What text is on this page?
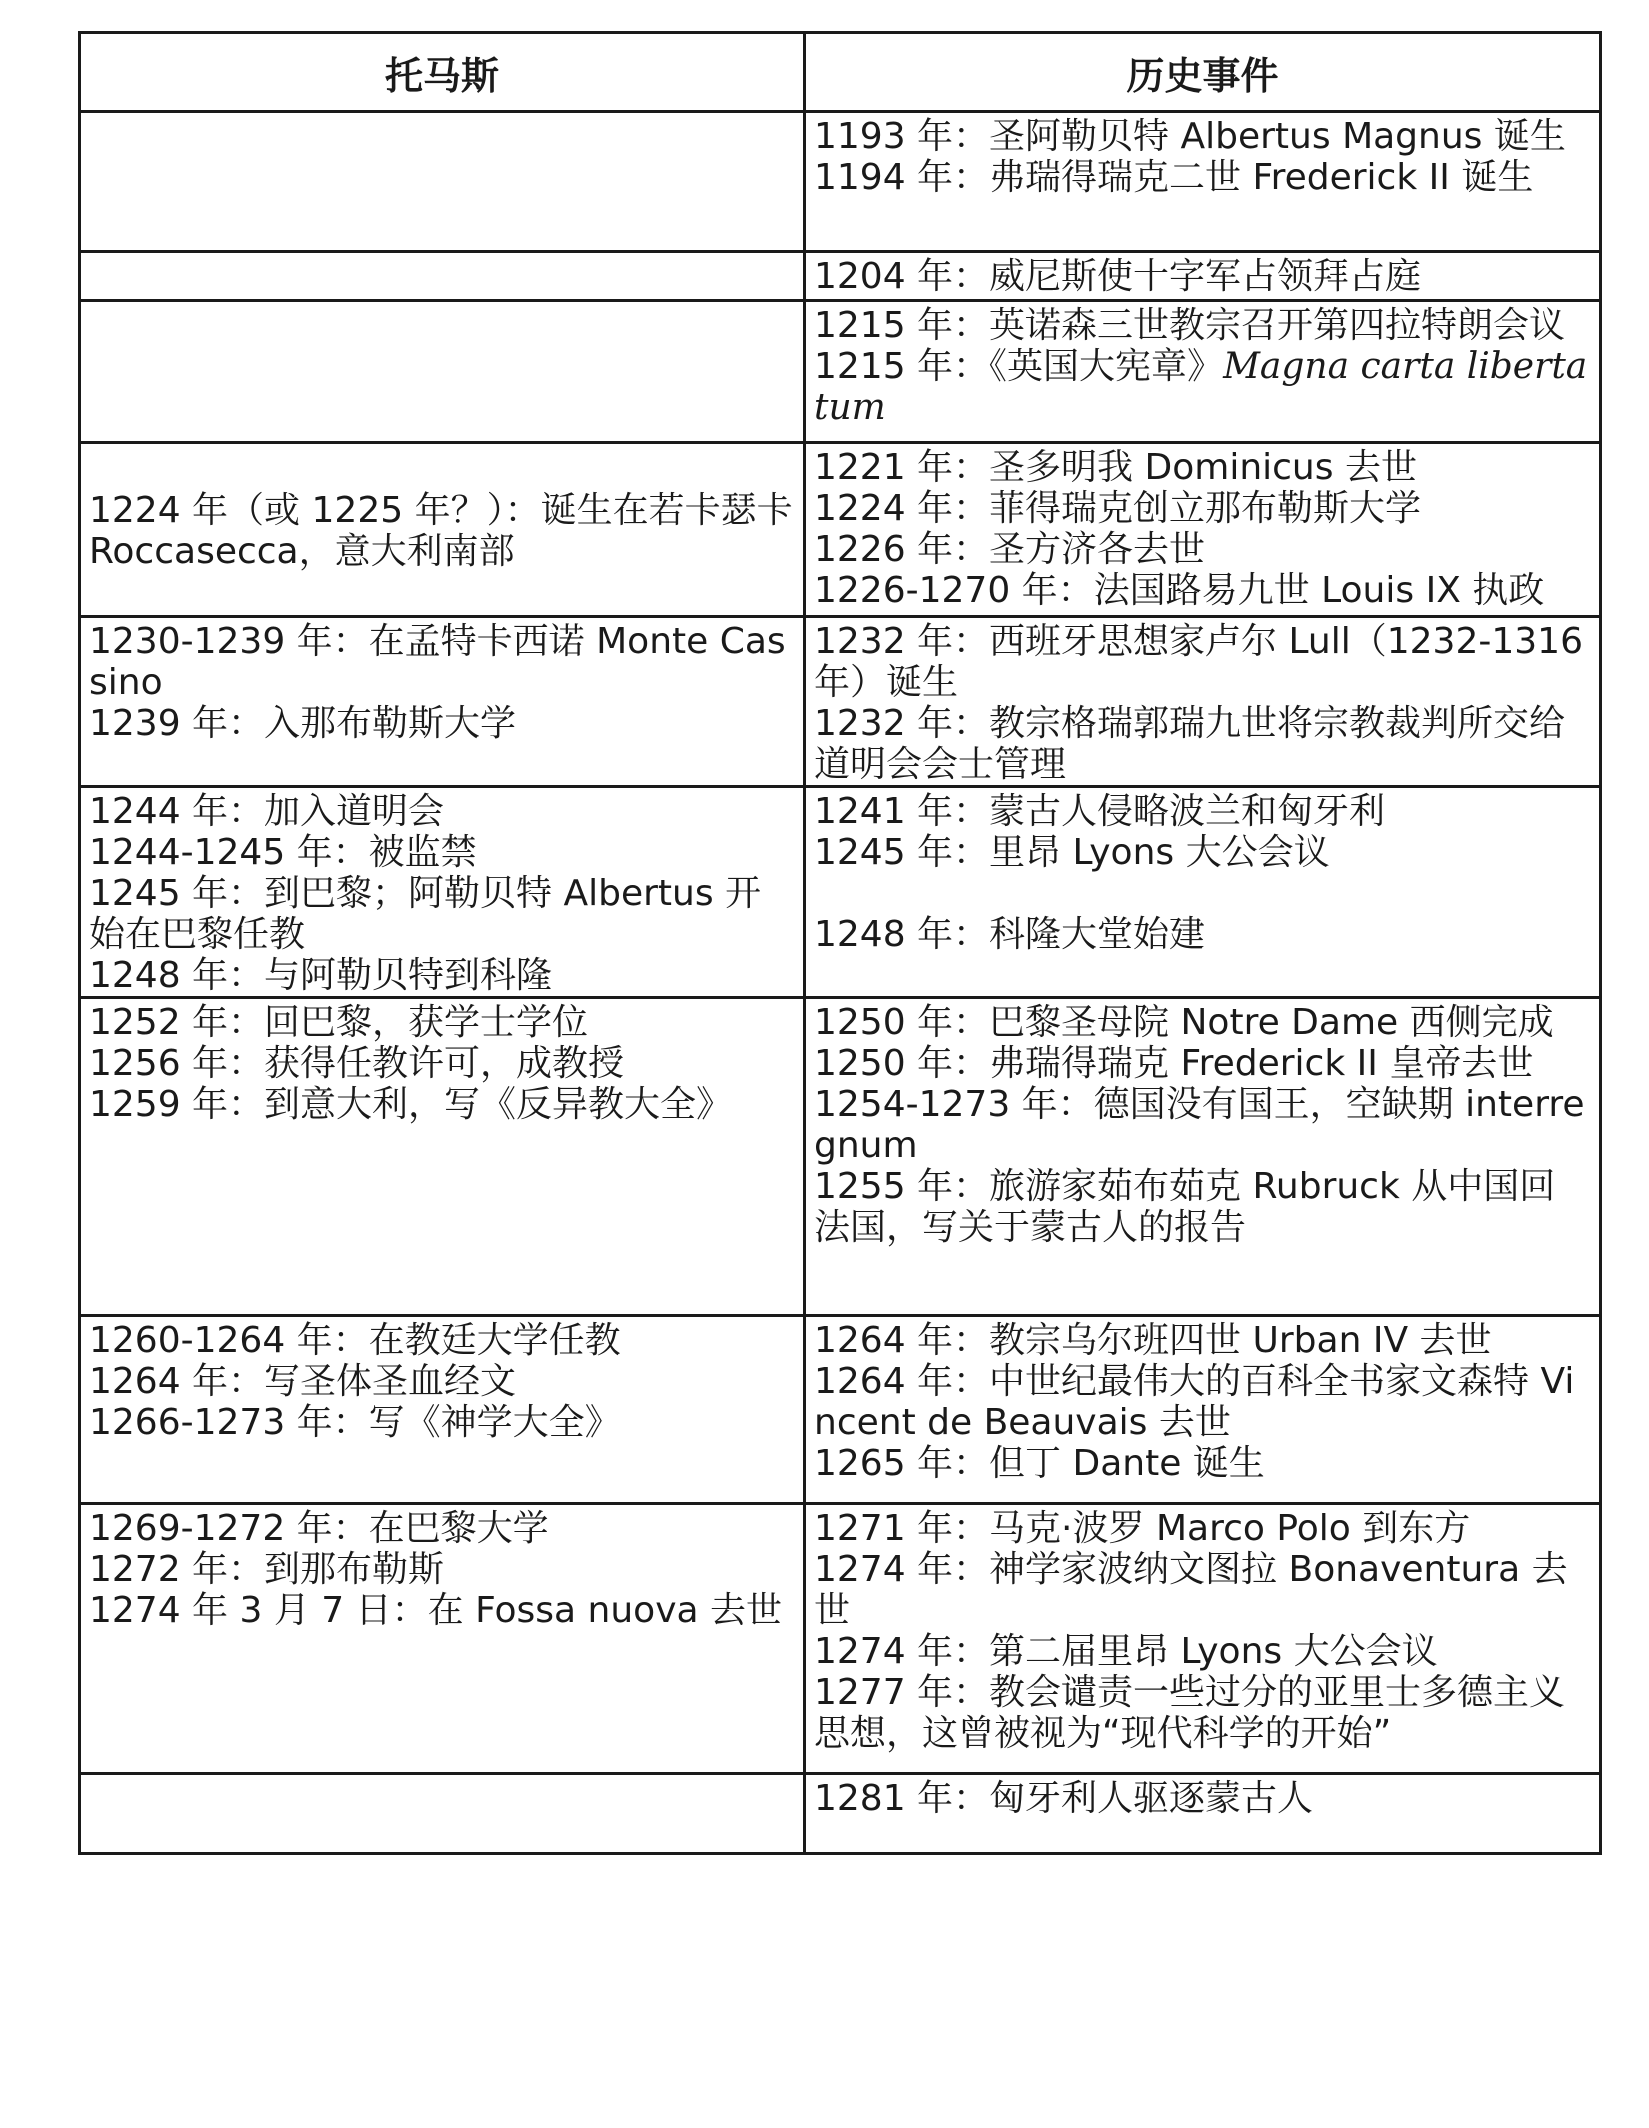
托马斯	历史事件

	1193 年：圣阿勒贝特 Albertus Magnus 诞生
1194 年：弗瑞得瑞克二世 Frederick II 诞生

	1204 年：威尼斯使十字军占领拜占庭

	1215 年：英诺森三世教宗召开第四拉特朗会议
1215 年：《英国大宪章》Magna carta libertatum

1224 年（或 1225 年？）：诞生在若卡瑟卡 Roccasecca，意大利南部	1221 年：圣多明我 Dominicus 去世
1224 年：菲得瑞克创立那布勒斯大学
1226 年：圣方济各去世
1226-1270 年：法国路易九世 Louis IX 执政

1230-1239 年：在孟特卡西诺 Monte Cassino
1239 年：入那布勒斯大学	1232 年：西班牙思想家卢尔 Lull（1232-1316 年）诞生
1232 年：教宗格瑞郭瑞九世将宗教裁判所交给道明会会士管理

1244 年：加入道明会
1244-1245 年：被监禁
1245 年：到巴黎；阿勒贝特 Albertus 开始在巴黎任教
1248 年：与阿勒贝特到科隆	1241 年：蒙古人侵略波兰和匈牙利
1245 年：里昂 Lyons 大公会议
1248 年：科隆大堂始建

1252 年：回巴黎，获学士学位
1256 年：获得任教许可，成教授
1259 年：到意大利，写《反异教大全》	1250 年：巴黎圣母院 Notre Dame 西侧完成
1250 年：弗瑞得瑞克 Frederick II 皇帝去世
1254-1273 年：德国没有国王，空缺期 interregnum
1255 年：旅游家茹布茹克 Rubruck 从中国回法国，写关于蒙古人的报告

1260-1264 年：在教廷大学任教
1264 年：写圣体圣血经文
1266-1273 年：写《神学大全》	1264 年：教宗乌尔班四世 Urban IV 去世
1264 年：中世纪最伟大的百科全书家文森特 Vincent de Beauvais 去世
1265 年：但丁 Dante 诞生

1269-1272 年：在巴黎大学
1272 年：到那布勒斯
1274 年 3 月 7 日：在 Fossa nuova 去世	1271 年：马克·波罗 Marco Polo 到东方
1274 年：神学家波纳文图拉 Bonaventura 去世
1274 年：第二届里昂 Lyons 大公会议
1277 年：教会谴责一些过分的亚里士多德主义思想，这曾被视为“现代科学的开始”

	1281 年：匈牙利人驱逐蒙古人
